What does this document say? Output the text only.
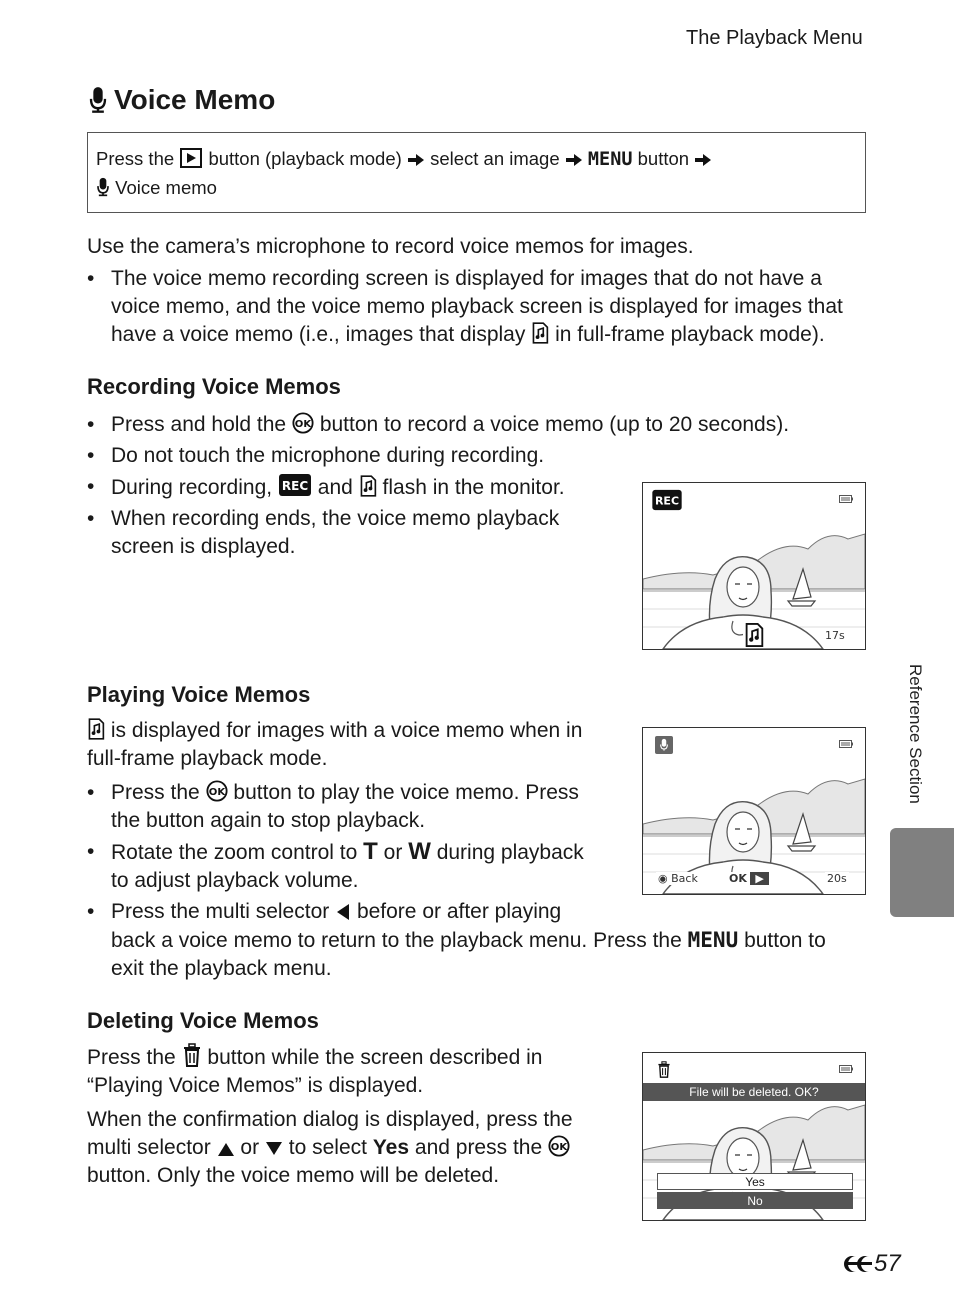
The Playback Menu
Voice Memo
Press the button (playback mode) select an image MENU button
Voice memo
Use the camera’s microphone to record voice memos for images.
• The voice memo recording screen is displayed for images that do not have a
voice memo, and the voice memo playback screen is displayed for images that
have a voice memo (i.e., images that display in full-frame playback mode).
Recording Voice Memos
• Press and hold the button to record a voice memo (up to 20 seconds).
• Do not touch the microphone during recording.
• During recording, and flash in the monitor.
• When recording ends, the voice memo playback
screen is displayed.
17s
Playing Voice Memos
is displayed for images with a voice memo when in
full-frame playback mode.
• Press the button to play the voice memo. Press
the button again to stop playback.
• Rotate the zoom control to T or W during playback
to adjust playback volume.
• Press the multi selector before or after playing
back a voice memo to return to the playback menu. Press the MENU button to
exit the playback menu.
◉ Back	OK ▶	20s
Deleting Voice Memos
Press the button while the screen described in
“Playing Voice Memos” is displayed.
When the confirmation dialog is displayed, press the
multi selector or to select Yes and press the
button. Only the voice memo will be deleted.
File will be deleted. OK?
Yes
No
Reference Section
57
